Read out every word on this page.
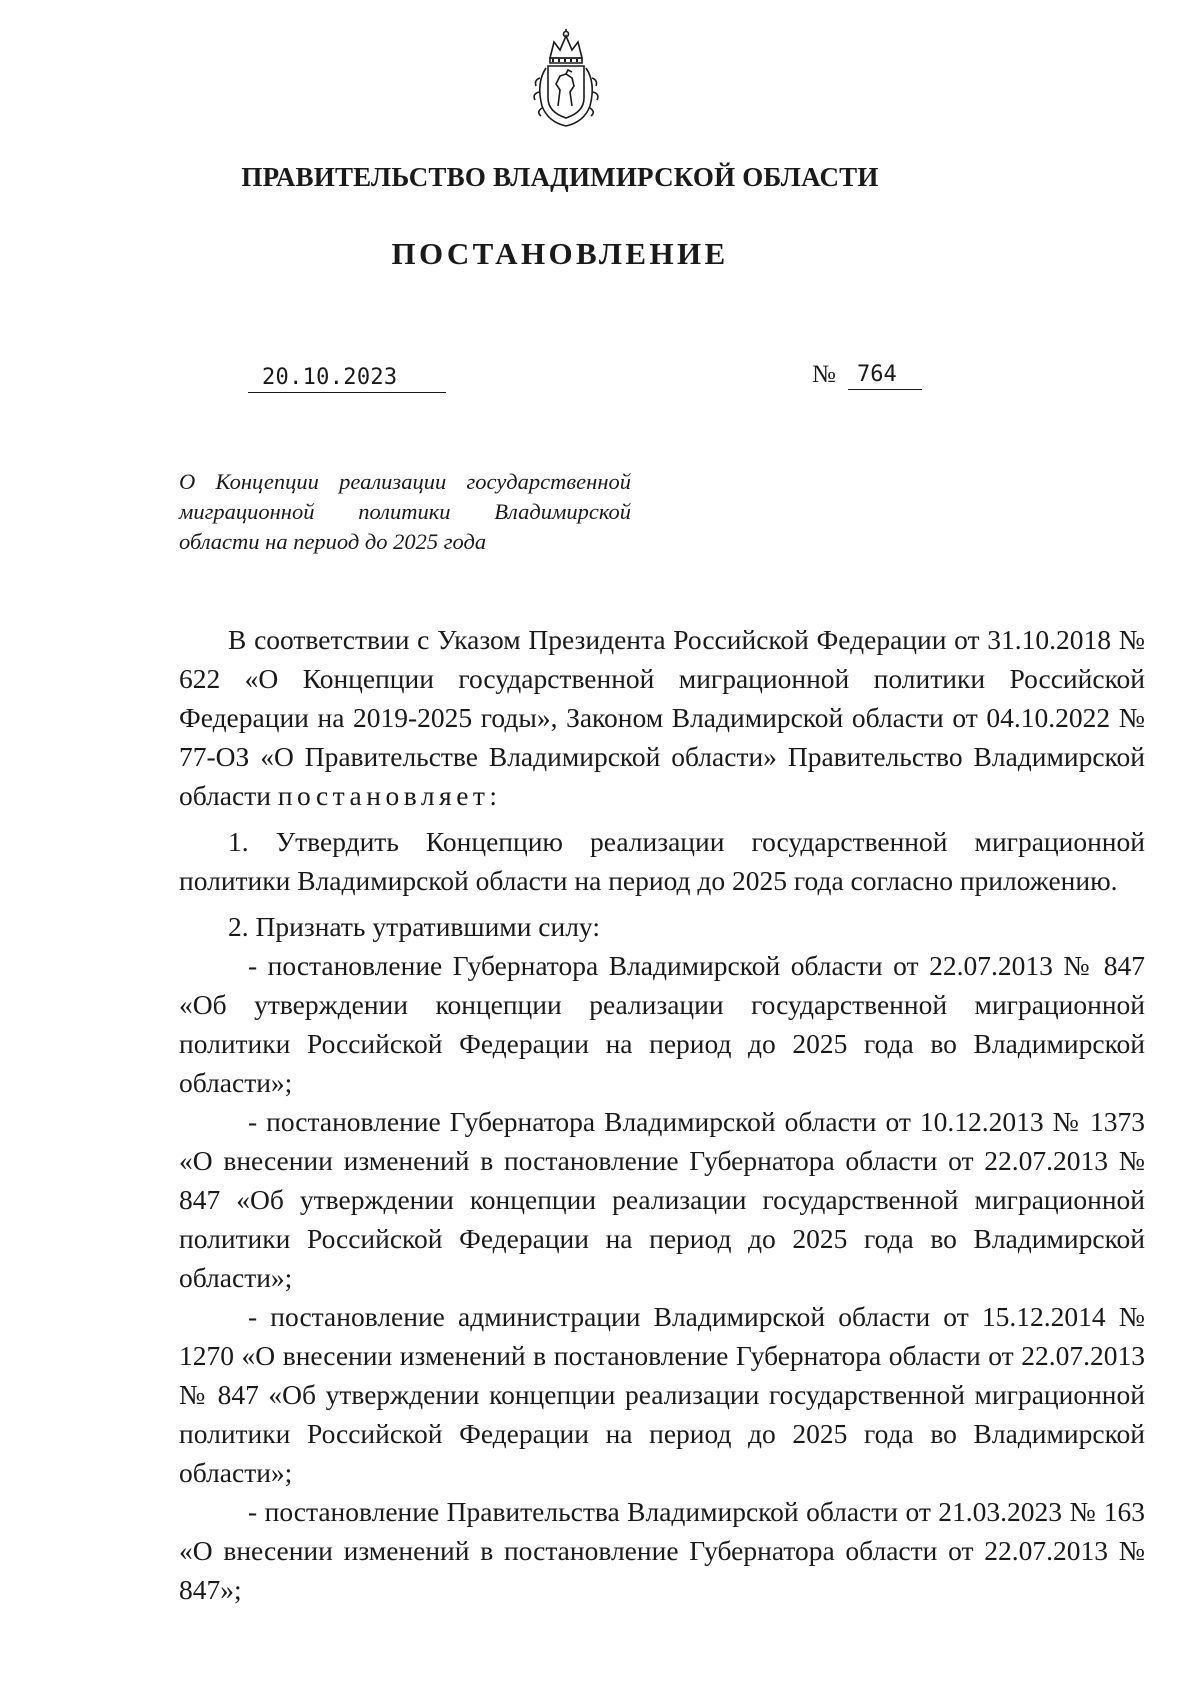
ПРАВИТЕЛЬСТВО ВЛАДИМИРСКОЙ ОБЛАСТИ
ПОСТАНОВЛЕНИЕ
20.10.2023	№ 764
О Концепции реализации государственной миграционной политики Владимирской области на период до 2025 года

В соответствии с Указом Президента Российской Федерации от 31.10.2018 № 622 «О Концепции государственной миграционной политики Российской Федерации на 2019-2025 годы», Законом Владимирской области от 04.10.2022 № 77-ОЗ «О Правительстве Владимирской области» Правительство Владимирской области постановляет:

1. Утвердить Концепцию реализации государственной миграционной политики Владимирской области на период до 2025 года согласно приложению.

2. Признать утратившими силу:

- постановление Губернатора Владимирской области от 22.07.2013 № 847 «Об утверждении концепции реализации государственной миграционной политики Российской Федерации на период до 2025 года во Владимирской области»;

- постановление Губернатора Владимирской области от 10.12.2013 № 1373 «О внесении изменений в постановление Губернатора области от 22.07.2013 № 847 «Об утверждении концепции реализации государственной миграционной политики Российской Федерации на период до 2025 года во Владимирской области»;

- постановление администрации Владимирской области от 15.12.2014 № 1270 «О внесении изменений в постановление Губернатора области от 22.07.2013 № 847 «Об утверждении концепции реализации государственной миграционной политики Российской Федерации на период до 2025 года во Владимирской области»;

- постановление Правительства Владимирской области от 21.03.2023 № 163 «О внесении изменений в постановление Губернатора области от 22.07.2013 № 847»;
